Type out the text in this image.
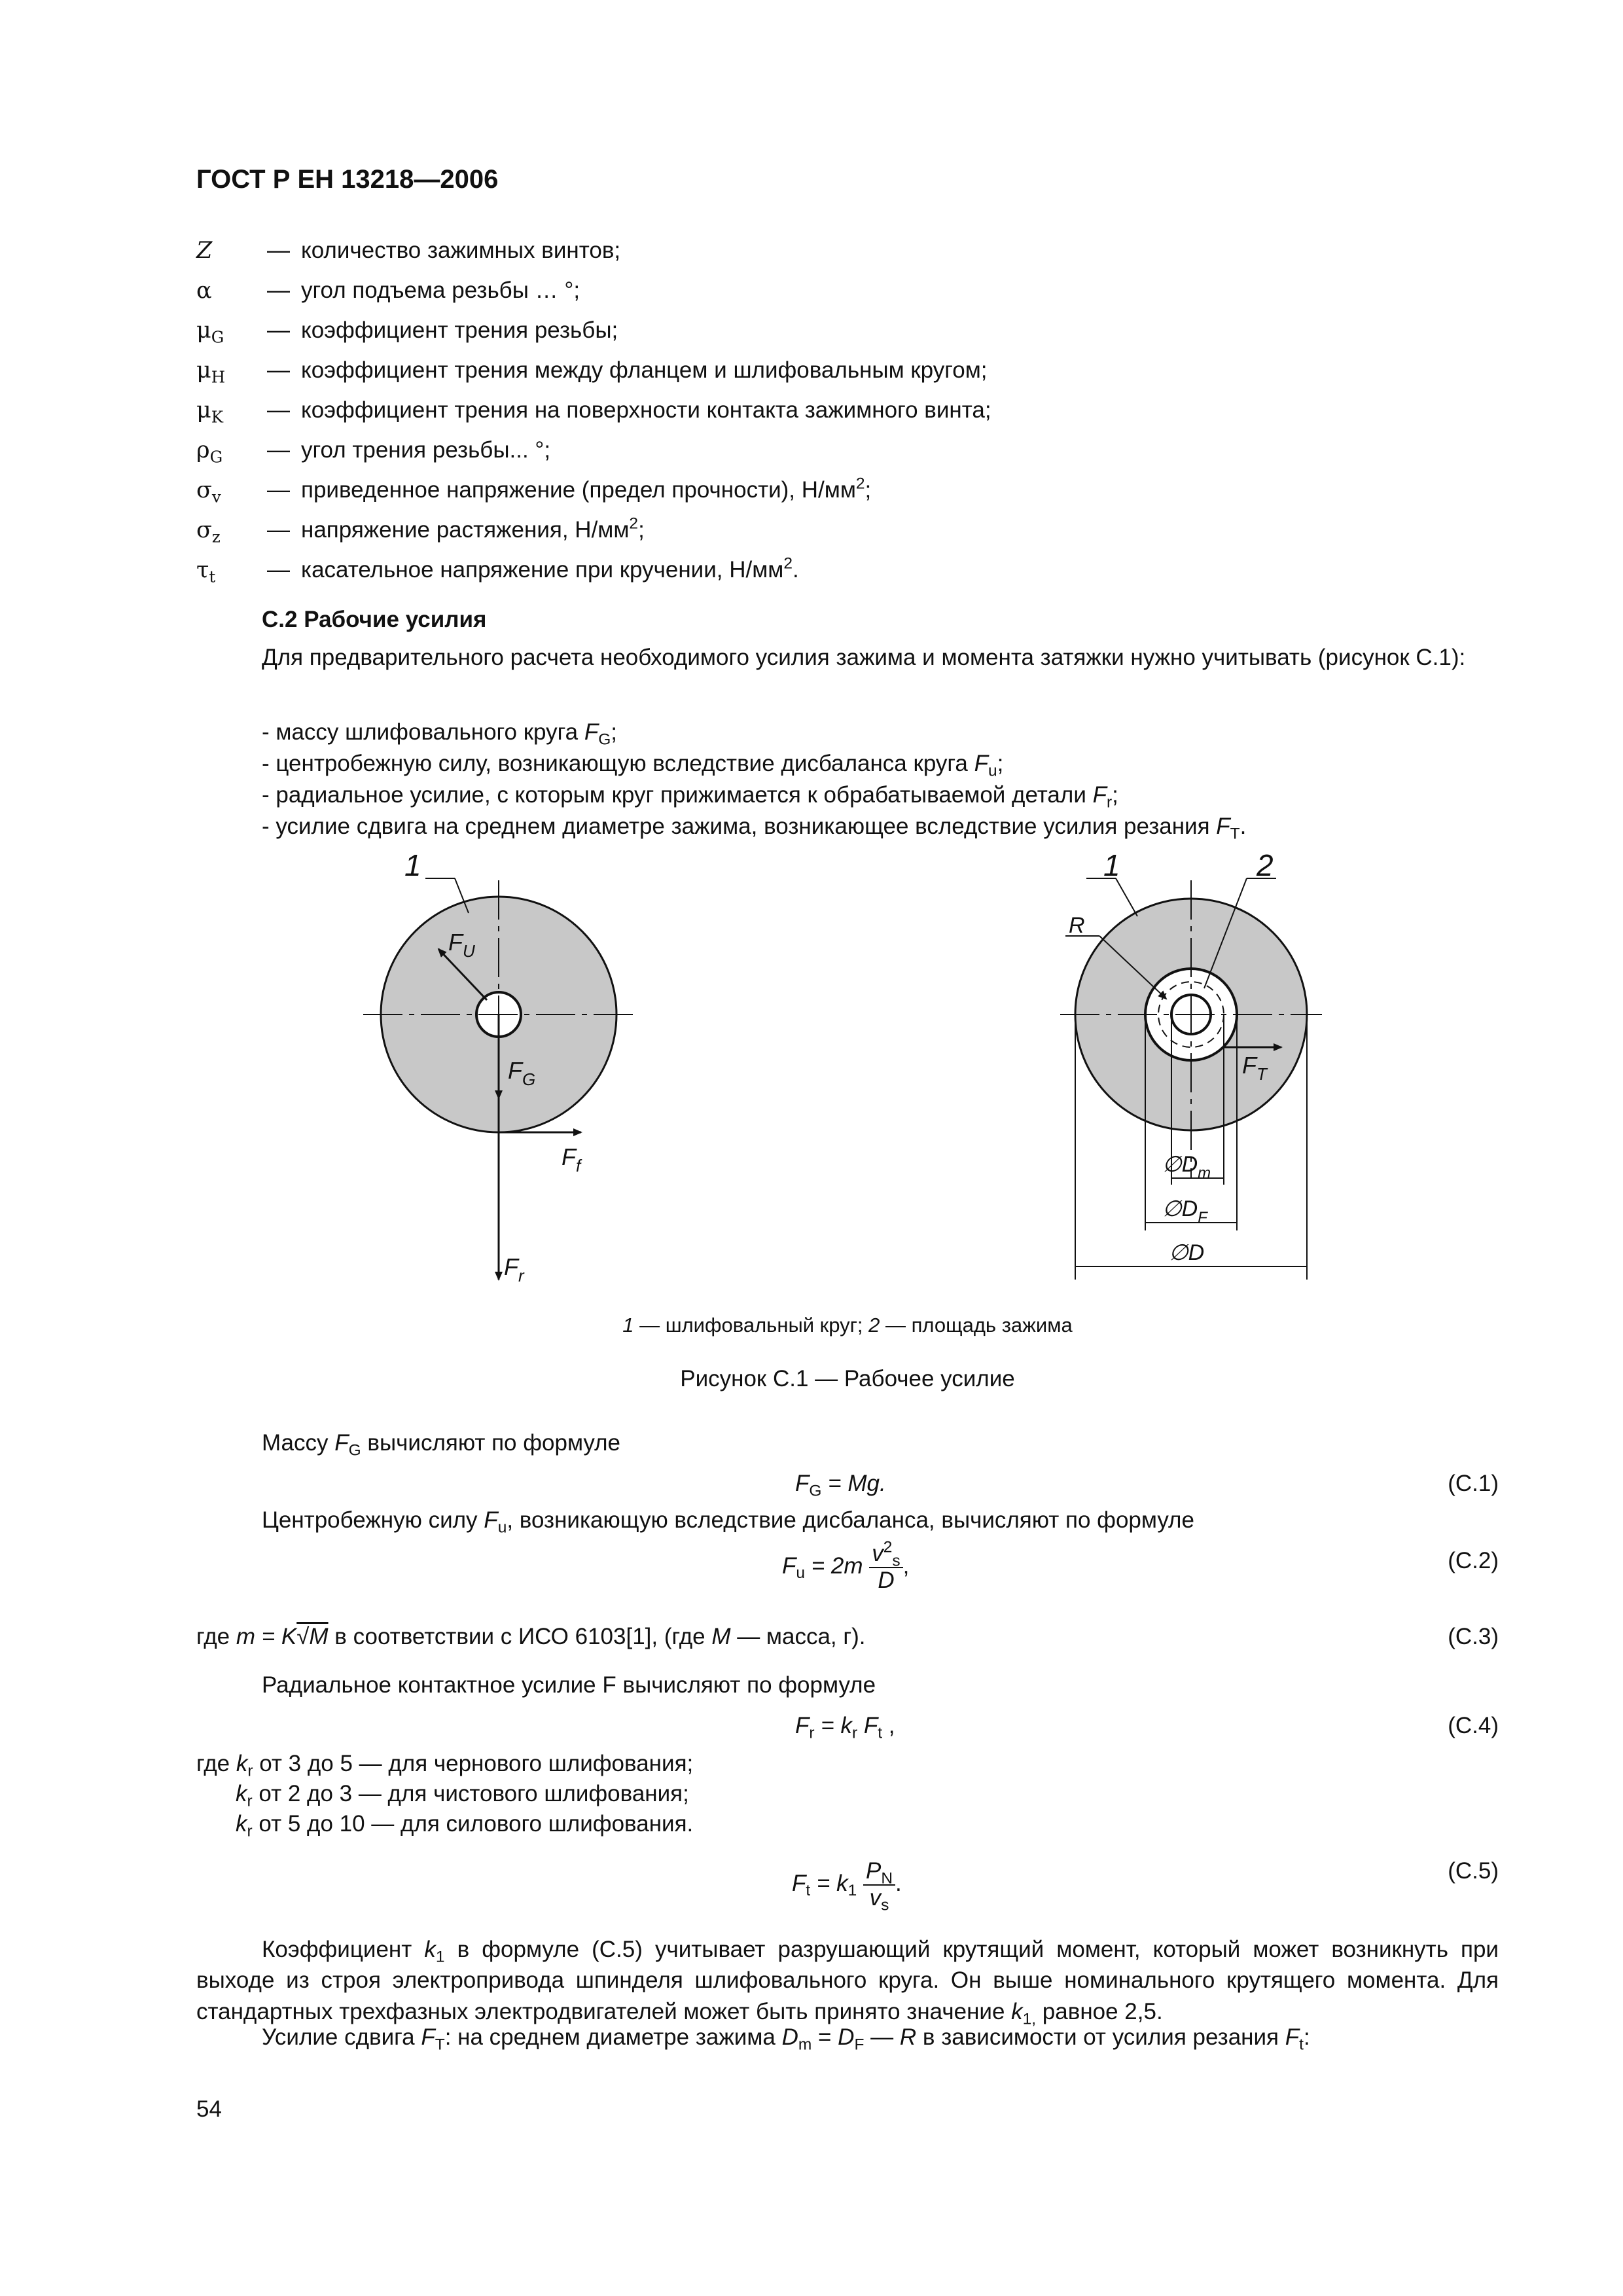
ГОСТ Р ЕН 13218—2006
Z	— количество зажимных винтов;
α	— угол подъема резьбы … °;
$\mu_G$	— коэффициент трения резьбы;
$\mu_H$	— коэффициент трения между фланцем и шлифовальным кругом;
$\mu_K$	— коэффициент трения на поверхности контакта зажимного винта;
$\rho_G$	— угол трения резьбы... °;
$\sigma_v$	— приведенное напряжение (предел прочности), $Н/мм^2$;
$\sigma_z$	— напряжение растяжения, $Н/мм^2$;
$\tau_t$	— касательное напряжение при кручении, $Н/мм^2$.
С.2 Рабочие усилия
Для предварительного расчета необходимого усилия зажима и момента затяжки нужно учитывать (рисунок С.1):
- массу шлифовального круга $F_G$;
- центробежную силу, возникающую вследствие дисбаланса круга $F_u$;
- радиальное усилие, с которым круг прижимается к обрабатываемой детали $F_r$;
- усилие сдвига на среднем диаметре зажима, возникающее вследствие усилия резания $F_T$.
1
$F_U$
$F_G$
$F_f$
$F_r$
1	2
R
$F_T$
$\emptyset D_m$
$\emptyset D_F$
∅D
1 — шлифовальный круг; 2 — площадь зажима
Рисунок С.1 — Рабочее усилие
Массу $F_G$ вычисляют по формуле
$F_G = Mg$.	(С.1)
Центробежную силу $F_u$, возникающую вследствие дисбаланса, вычисляют по формуле
$F_u = 2m \frac{v^2_s}{D}$ ,	(С.2)
где m = K√M в соответствии с ИСО 6103[1], (где M — масса, г).	(С.3)
Радиальное контактное усилие F вычисляют по формуле
$F_r = k_r$ $F_t$ ,	(С.4)
где $k_r$ от 3 до 5 — для чернового шлифования;
$k_r$ от 2 до 3 — для чистового шлифования;
$k_r$ от 5 до 10 — для силового шлифования.
$F_t = k_1 \frac{P_N}{v_s}$ .	(С.5)
Коэффициент $k_1$ в формуле (С.5) учитывает разрушающий крутящий момент, который может возникнуть при выходе из строя электропривода шпинделя шлифовального круга. Он выше номинального крутящего момента. Для стандартных трехфазных электродвигателей может быть принято значение $k_{1,}$ равное 2,5.
Усилие сдвига $F_T$: на среднем диаметре зажима $D_m = D_F$ — R в зависимости от усилия резания $F_t$:
54
